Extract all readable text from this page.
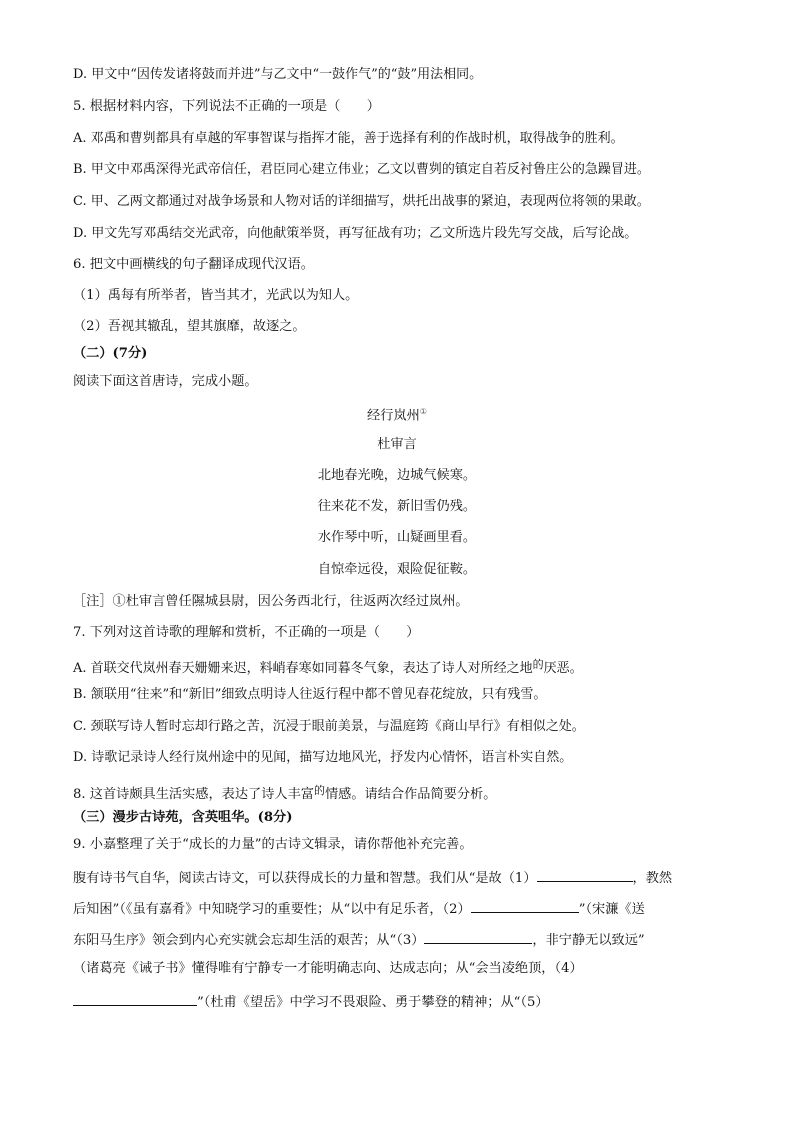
D. 甲文中“因传发诸将鼓而并进”与乙文中“一鼓作气”的“鼓”用法相同。
5. 根据材料内容，下列说法不正确的一项是（　　）
A. 邓禹和曹刿都具有卓越的军事智谋与指挥才能，善于选择有利的作战时机，取得战争的胜利。
B. 甲文中邓禹深得光武帝信任，君臣同心建立伟业；乙文以曹刿的镇定自若反衬鲁庄公的急躁冒进。
C. 甲、乙两文都通过对战争场景和人物对话的详细描写，烘托出战事的紧迫，表现两位将领的果敢。
D. 甲文先写邓禹结交光武帝，向他献策举贤，再写征战有功；乙文所选片段先写交战，后写论战。
6. 把文中画横线的句子翻译成现代汉语。
（1）禹每有所举者，皆当其才，光武以为知人。
（2）吾视其辙乱，望其旗靡，故逐之。
（二）(7分)
阅读下面这首唐诗，完成小题。
经行岚州①
杜审言
北地春光晚，边城气候寒。
往来花不发，新旧雪仍残。
水作琴中听，山疑画里看。
自惊牵远役，艰险促征鞍。
［注］①杜审言曾任隰城县尉，因公务西北行，往返两次经过岚州。
7. 下列对这首诗歌的理解和赏析，不正确的一项是（　　）
A. 首联交代岚州春天姗姗来迟，料峭春寒如同暮冬气象，表达了诗人对所经之地$^的$厌恶。
B. 颔联用“往来”和“新旧”细致点明诗人往返行程中都不曾见春花绽放，只有残雪。
C. 颈联写诗人暂时忘却行路之苦，沉浸于眼前美景，与温庭筠《商山早行》有相似之处。
D. 诗歌记录诗人经行岚州途中的见闻，描写边地风光，抒发内心情怀，语言朴实自然。
8. 这首诗颇具生活实感，表达了诗人丰富$^的$情感。请结合作品简要分析。
（三）漫步古诗苑，含英咀华。(8分)
9. 小嘉整理了关于“成长的力量”的古诗文辑录，请你帮他补充完善。
腹有诗书气自华，阅读古诗文，可以获得成长的力量和智慧。我们从“是故（1）	，教然
后知困”（《虽有嘉肴》中知晓学习的重要性；从“以中有足乐者，（2）	”（宋濂《送
东阳马生序》领会到内心充实就会忘却生活的艰苦；从“（3）	，非宁静无以致远”
（诸葛亮《诫子书》懂得唯有宁静专一才能明确志向、达成志向；从“会当凌绝顶，（4）
”（杜甫《望岳》中学习不畏艰险、勇于攀登的精神；从“（5）
